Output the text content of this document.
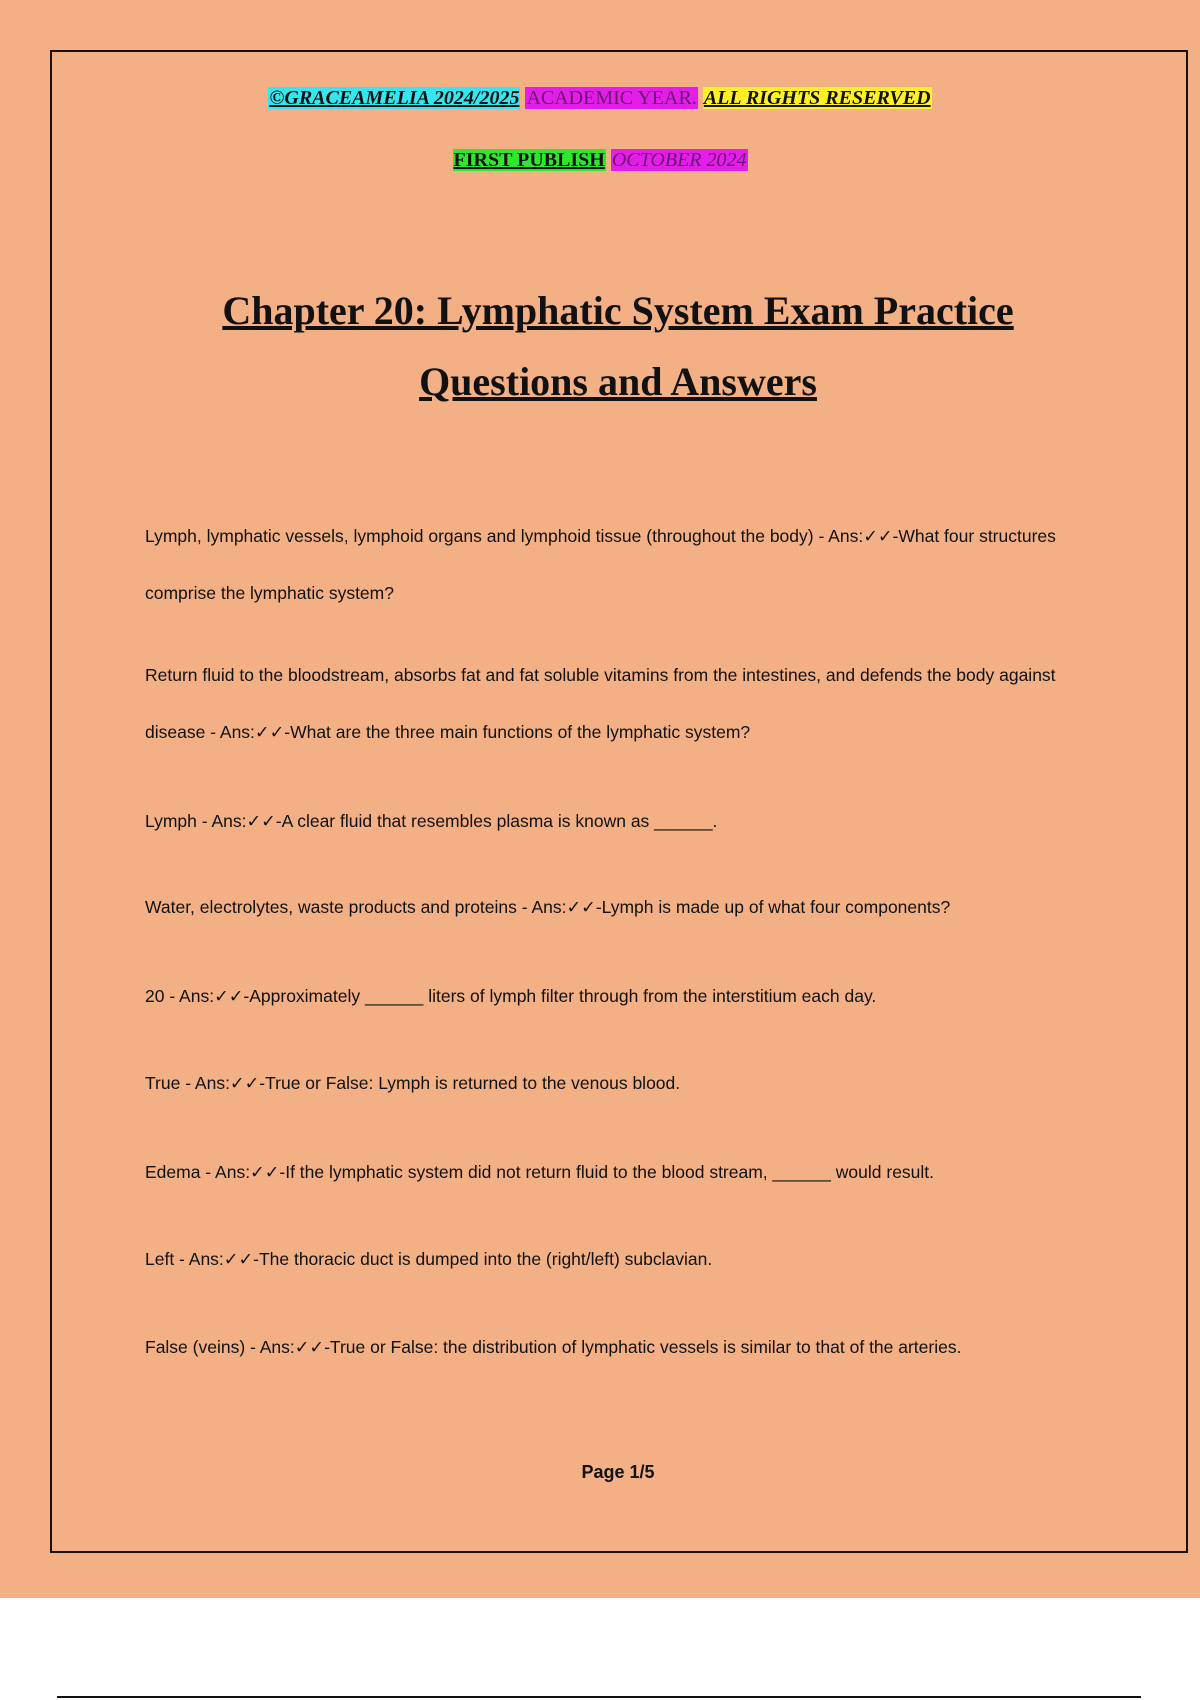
©GRACEAMELIA 2024/2025 ACADEMIC YEAR. ALL RIGHTS RESERVED
FIRST PUBLISH OCTOBER 2024
Chapter 20: Lymphatic System Exam Practice
Questions and Answers
Lymph, lymphatic vessels, lymphoid organs and lymphoid tissue (throughout the body) - Ans:✓✓-What four structures comprise the lymphatic system?
Return fluid to the bloodstream, absorbs fat and fat soluble vitamins from the intestines, and defends the body against disease - Ans:✓✓-What are the three main functions of the lymphatic system?
Lymph - Ans:✓✓-A clear fluid that resembles plasma is known as ______.
Water, electrolytes, waste products and proteins - Ans:✓✓-Lymph is made up of what four components?
20 - Ans:✓✓-Approximately ______ liters of lymph filter through from the interstitium each day.
True - Ans:✓✓-True or False: Lymph is returned to the venous blood.
Edema - Ans:✓✓-If the lymphatic system did not return fluid to the blood stream, ______ would result.
Left - Ans:✓✓-The thoracic duct is dumped into the (right/left) subclavian.
False (veins) - Ans:✓✓-True or False: the distribution of lymphatic vessels is similar to that of the arteries.
Page 1/5
